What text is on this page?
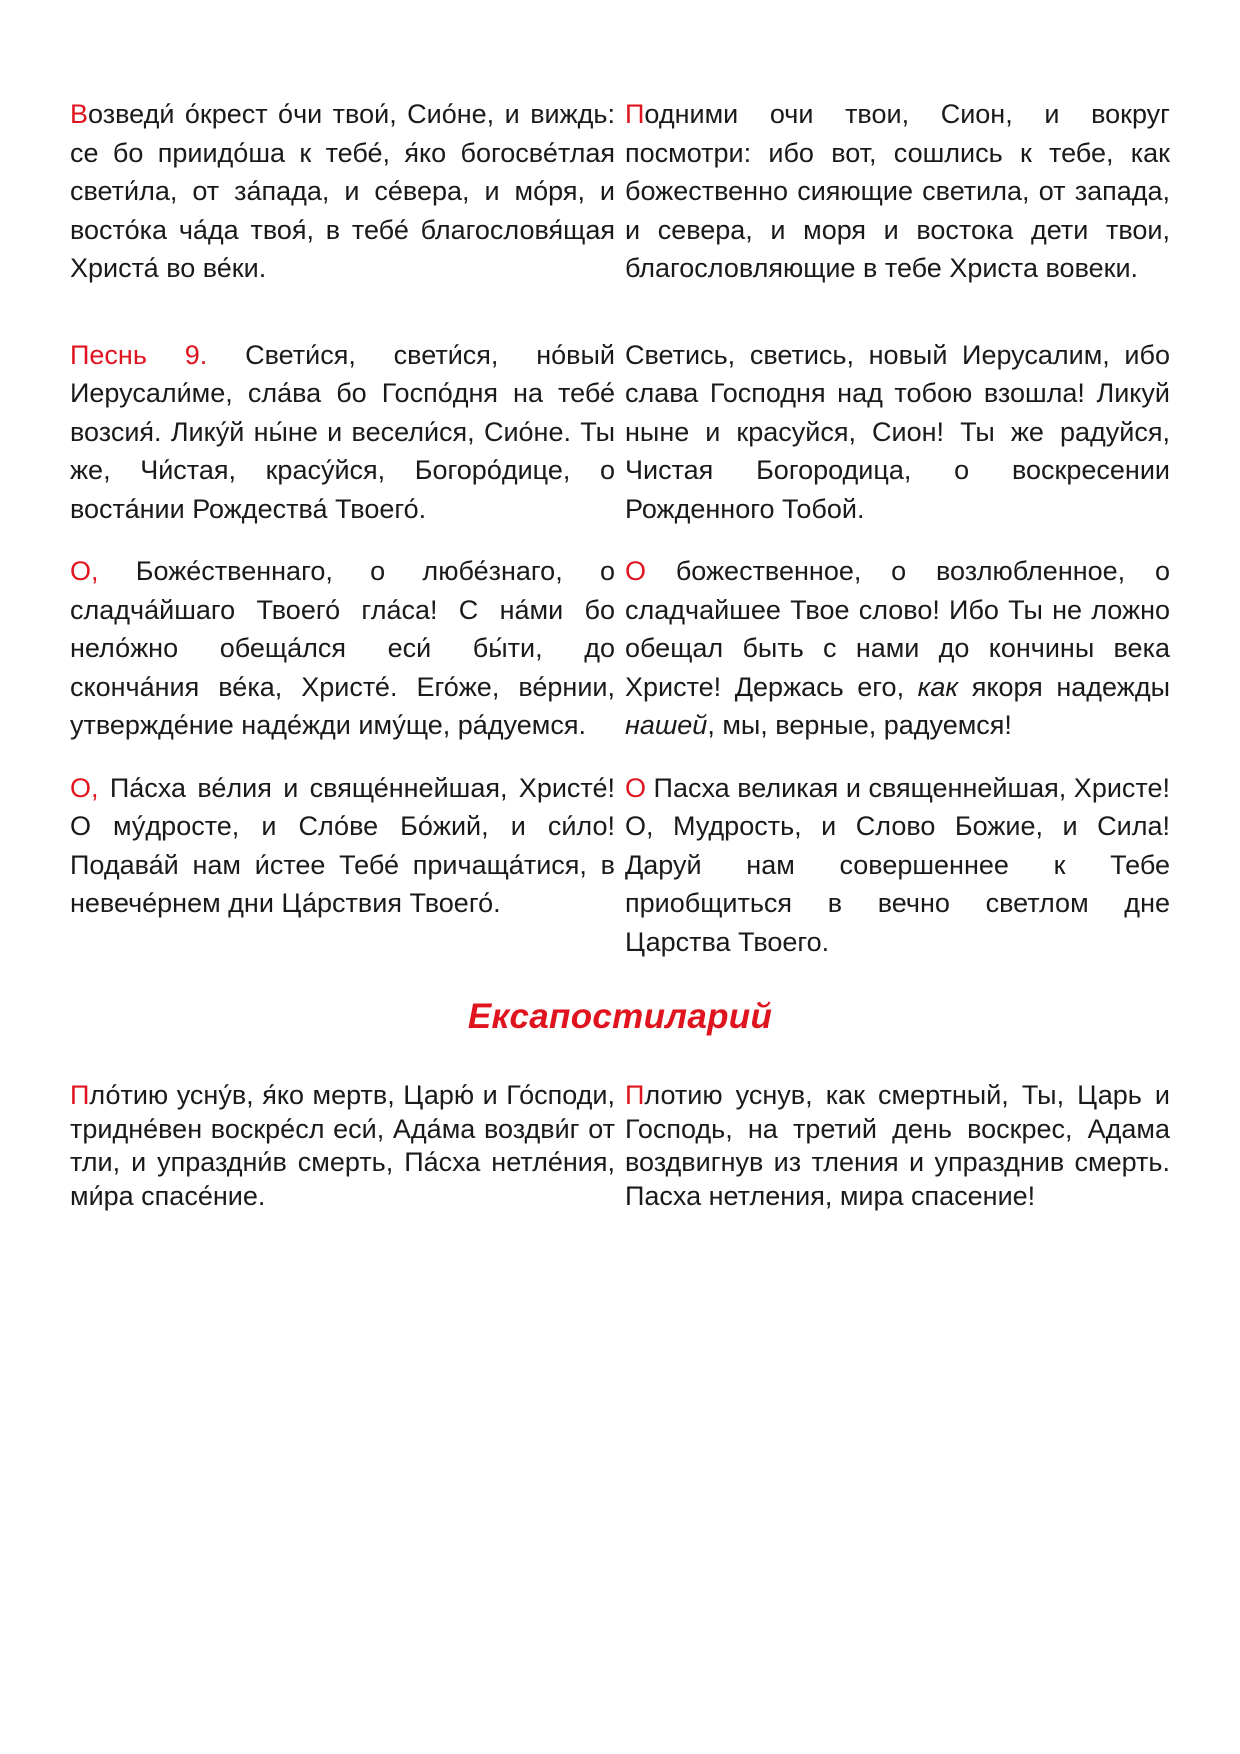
Возведи́ о́крест о́чи твои́, Сио́не, и виждь: се бо приидо́ша к тебе́, я́ко богосве́тлая свети́ла, от за́пада, и се́вера, и мо́ря, и восто́ка ча́да твоя́, в тебе́ благословя́щая Христа́ во ве́ки.

Подними очи твои, Сион, и вокруг посмотри: ибо вот, сошлись к тебе, как божественно сияющие светила, от запада, и севера, и моря и востока дети твои, благословляющие в тебе Христа вовеки.

Песнь 9. Свети́ся, свети́ся, но́вый Иерусали́ме, сла́ва бо Госпо́дня на тебе́ возсия́. Лику́й ны́не и весели́ся, Сио́не. Ты же, Чи́стая, красу́йся, Богоро́дице, о воста́нии Рождества́ Твоего́.

О, Боже́ственнаго, о любе́знаго, о сладча́йшаго Твоего́ гла́са! С на́ми бо нело́жно обеща́лся еси́ бы́ти, до сконча́ния ве́ка, Христе́. Его́же, ве́рнии, утвержде́ние наде́жди иму́ще, ра́дуемся.

О, Па́сха ве́лия и свяще́ннейшая, Христе́! О му́дросте, и Сло́ве Бо́жий, и си́ло! Подава́й нам и́стее Тебе́ причаща́тися, в невече́рнем дни Ца́рствия Твоего́.

Светись, светись, новый Иерусалим, ибо слава Господня над тобою взошла! Ликуй ныне и красуйся, Сион! Ты же радуйся, Чистая Богородица, о воскресении Рожденного Тобой.

О божественное, о возлюбленное, о сладчайшее Твое слово! Ибо Ты не ложно обещал быть с нами до кончины века Христе! Держась его, как якоря надежды нашей, мы, верные, радуемся!

О Пасха великая и священнейшая, Христе! О, Мудрость, и Слово Божие, и Сила! Даруй нам совершеннее к Тебе приобщиться в вечно светлом дне Царства Твоего.

Ексапостиларий

Пло́тию усну́в, я́ко мертв, Царю́ и Го́споди, тридне́вен воскре́сл еси́, Ада́ма воздви́г от тли, и упраздни́в смерть, Па́сха нетле́ния, ми́ра спасе́ние.

Плотию уснув, как смертный, Ты, Царь и Господь, на третий день воскрес, Адама воздвигнув из тления и упразднив смерть. Пасха нетления, мира спасение!
